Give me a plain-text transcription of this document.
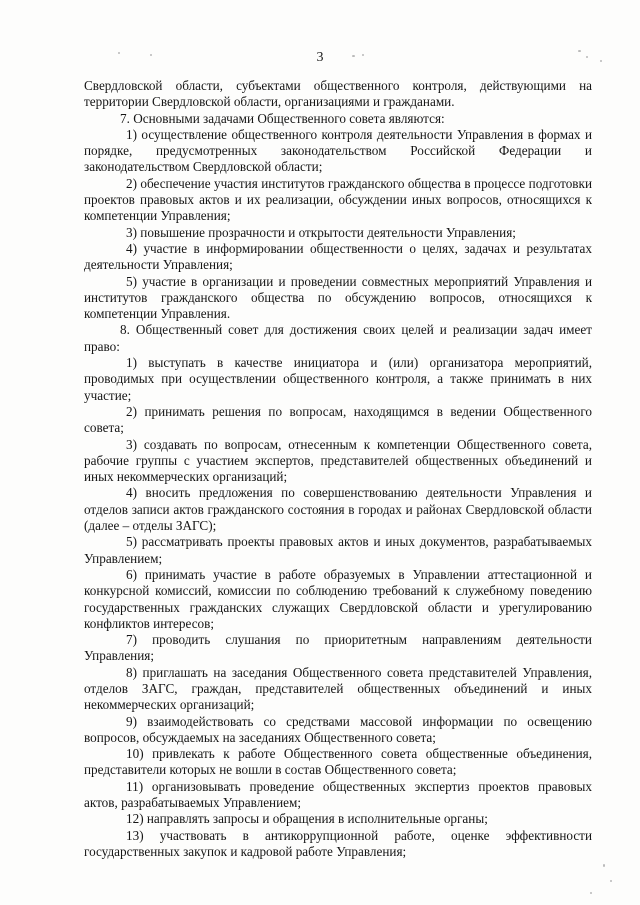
3

Свердловской области, субъектами общественного контроля, действующими на территории Свердловской области, организациями и гражданами.

7. Основными задачами Общественного совета являются:

1) осуществление общественного контроля деятельности Управления в формах и порядке, предусмотренных законодательством Российской Федерации и законодательством Свердловской области;

2) обеспечение участия институтов гражданского общества в процессе подготовки проектов правовых актов и их реализации, обсуждении иных вопросов, относящихся к компетенции Управления;

3) повышение прозрачности и открытости деятельности Управления;

4) участие в информировании общественности о целях, задачах и результатах деятельности Управления;

5) участие в организации и проведении совместных мероприятий Управления и институтов гражданского общества по обсуждению вопросов, относящихся к компетенции Управления.

8. Общественный совет для достижения своих целей и реализации задач имеет право:

1) выступать в качестве инициатора и (или) организатора мероприятий, проводимых при осуществлении общественного контроля, а также принимать в них участие;

2) принимать решения по вопросам, находящимся в ведении Общественного совета;

3) создавать по вопросам, отнесенным к компетенции Общественного совета, рабочие группы с участием экспертов, представителей общественных объединений и иных некоммерческих организаций;

4) вносить предложения по совершенствованию деятельности Управления и отделов записи актов гражданского состояния в городах и районах Свердловской области (далее – отделы ЗАГС);

5) рассматривать проекты правовых актов и иных документов, разрабатываемых Управлением;

6) принимать участие в работе образуемых в Управлении аттестационной и конкурсной комиссий, комиссии по соблюдению требований к служебному поведению государственных гражданских служащих Свердловской области и урегулированию конфликтов интересов;

7) проводить слушания по приоритетным направлениям деятельности Управления;

8) приглашать на заседания Общественного совета представителей Управления, отделов ЗАГС, граждан, представителей общественных объединений и иных некоммерческих организаций;

9) взаимодействовать со средствами массовой информации по освещению вопросов, обсуждаемых на заседаниях Общественного совета;

10) привлекать к работе Общественного совета общественные объединения, представители которых не вошли в состав Общественного совета;

11) организовывать проведение общественных экспертиз проектов правовых актов, разрабатываемых Управлением;

12) направлять запросы и обращения в исполнительные органы;

13) участвовать в антикоррупционной работе, оценке эффективности государственных закупок и кадровой работе Управления;
